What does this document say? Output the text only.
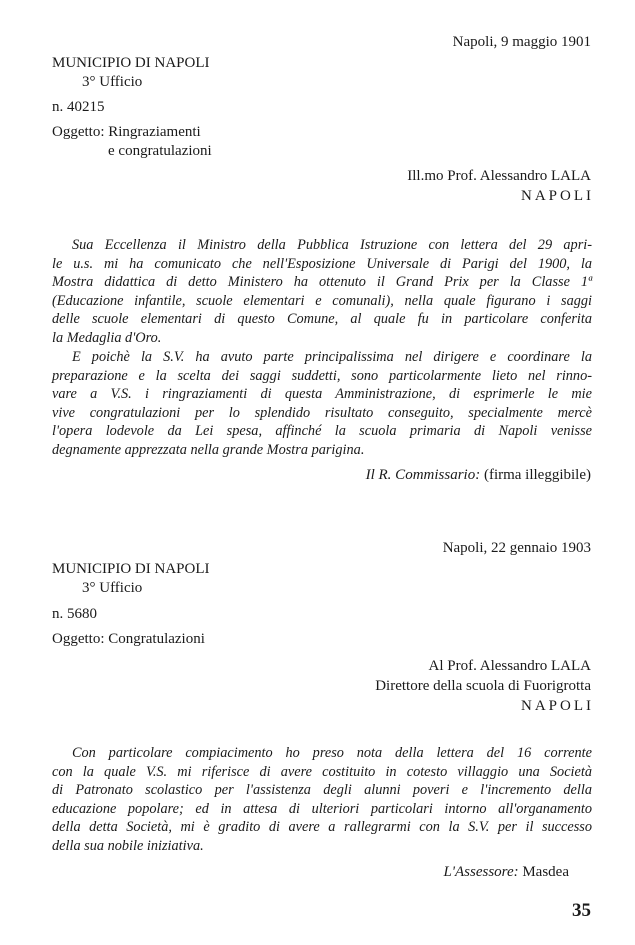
Napoli, 9 maggio 1901
MUNICIPIO DI NAPOLI
3° Ufficio
n. 40215
Oggetto: Ringraziamenti
e congratulazioni
Ill.mo Prof. Alessandro LALA
NAPOLI
Sua Eccellenza il Ministro della Pubblica Istruzione con lettera del 29 apri-
le u.s. mi ha comunicato che nell'Esposizione Universale di Parigi del 1900, la
Mostra didattica di detto Ministero ha ottenuto il Grand Prix per la Classe 1ª
(Educazione infantile, scuole elementari e comunali), nella quale figurano i saggi
delle scuole elementari di questo Comune, al quale fu in particolare conferita
la Medaglia d'Oro.
E poichè la S.V. ha avuto parte principalissima nel dirigere e coordinare la
preparazione e la scelta dei saggi suddetti, sono particolarmente lieto nel rinno-
vare a V.S. i ringraziamenti di questa Amministrazione, di esprimerle le mie
vive congratulazioni per lo splendido risultato conseguito, specialmente mercè
l'opera lodevole da Lei spesa, affinché la scuola primaria di Napoli venisse
degnamente apprezzata nella grande Mostra parigina.
Il R. Commissario: (firma illeggibile)
Napoli, 22 gennaio 1903
MUNICIPIO DI NAPOLI
3° Ufficio
n. 5680
Oggetto: Congratulazioni
Al Prof. Alessandro LALA
Direttore della scuola di Fuorigrotta
NAPOLI
Con particolare compiacimento ho preso nota della lettera del 16 corrente
con la quale V.S. mi riferisce di avere costituito in cotesto villaggio una Società
di Patronato scolastico per l'assistenza degli alunni poveri e l'incremento della
educazione popolare; ed in attesa di ulteriori particolari intorno all'organamento
della detta Società, mi è gradito di avere a rallegrarmi con la S.V. per il successo
della sua nobile iniziativa.
L'Assessore: Masdea
35
